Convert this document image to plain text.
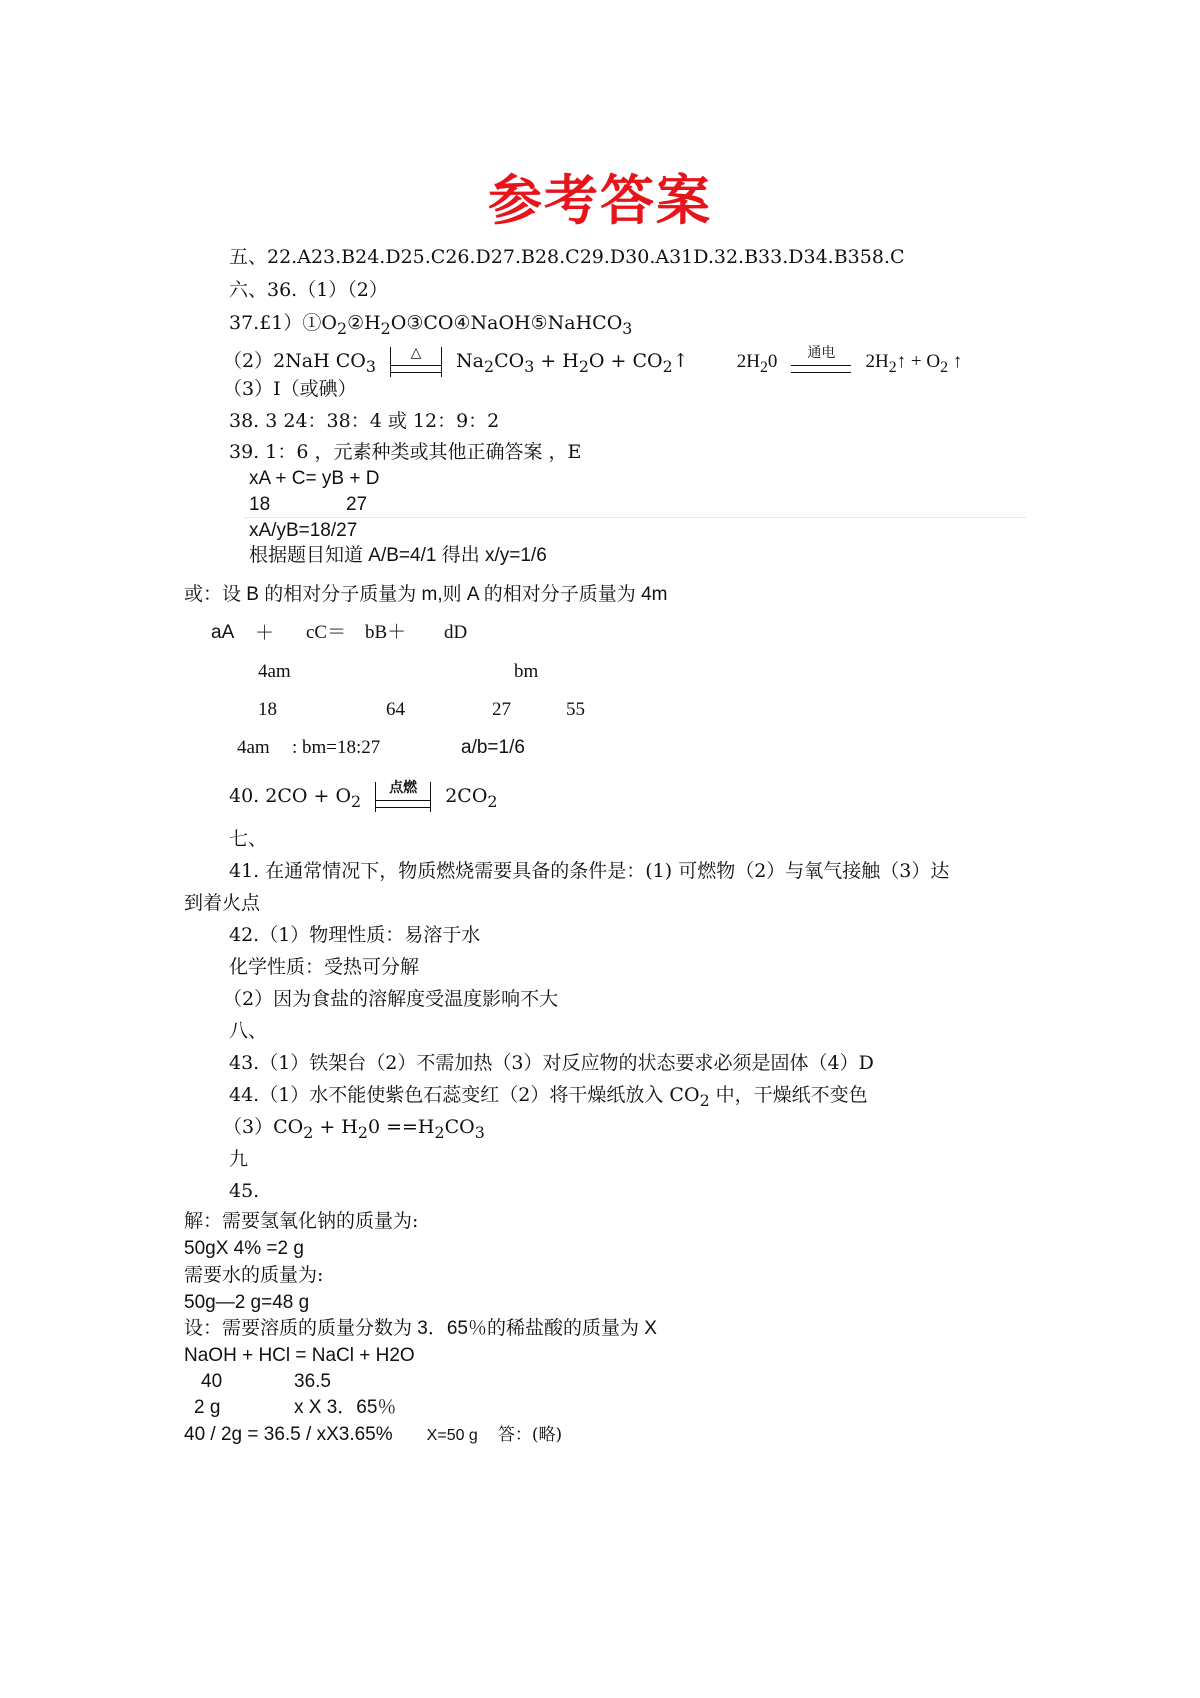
参考答案
五、22.A23.B24.D25.C26.D27.B28.C29.D30.A31D.32.B33.D34.B358.C
六、36.（1）（2）
$37.£1)①O_2②H_2O③CO④NaOH⑤NaHCO_3$
（2）2NaH $CO_3$
△	$Na_2CO_3 + H_2O$ + $CO_2↑$	$2H_20$	通电	$2H_2↑ + O_2$ ↑
（3）I（或碘）
38. 3 24：38：4 或 12：9：2
39. 1：6 ，元素种类或其他正确答案 ，E
xA + C= yB + D
18	27
xA/yB=18/27
根据题目知道 A/B=4/1 得出 x/y=1/6
或：设 B 的相对分子质量为 m,则 A 的相对分子质量为 4m
aA ＋ cC＝ bB＋ dD
4am	bm
18	64	27	55
4am : bm=18:27	a/b=1/6
40. $2CO + O_2$
点燃	$2CO_2$
七、
41. 在通常情况下，物质燃烧需要具备的条件是：(1) 可燃物（2）与氧气接触（3）达
到着火点
42.（1）物理性质：易溶于水
化学性质：受热可分解
（2）因为食盐的溶解度受温度影响不大
八、
43.（1）铁架台（2）不需加热（3）对反应物的状态要求必须是固体（4）D
44.（1）水不能使紫色石蕊变红（2）将干燥纸放入 $CO_2$ 中，干燥纸不变色
$(3)CO_2 + H_20 ==H_2CO_3$
九
45.
解：需要氢氧化钠的质量为:
50gX 4% =2 g
需要水的质量为:
50g—2 g=48 g
设：需要溶质的质量分数为 3．65％的稀盐酸的质量为 X
NaOH + HCl = NaCl + H2O
40	36.5
2 g	x X 3．65％
40 / 2g = 36.5 / xX3.65% X=50 g 答：(略)
